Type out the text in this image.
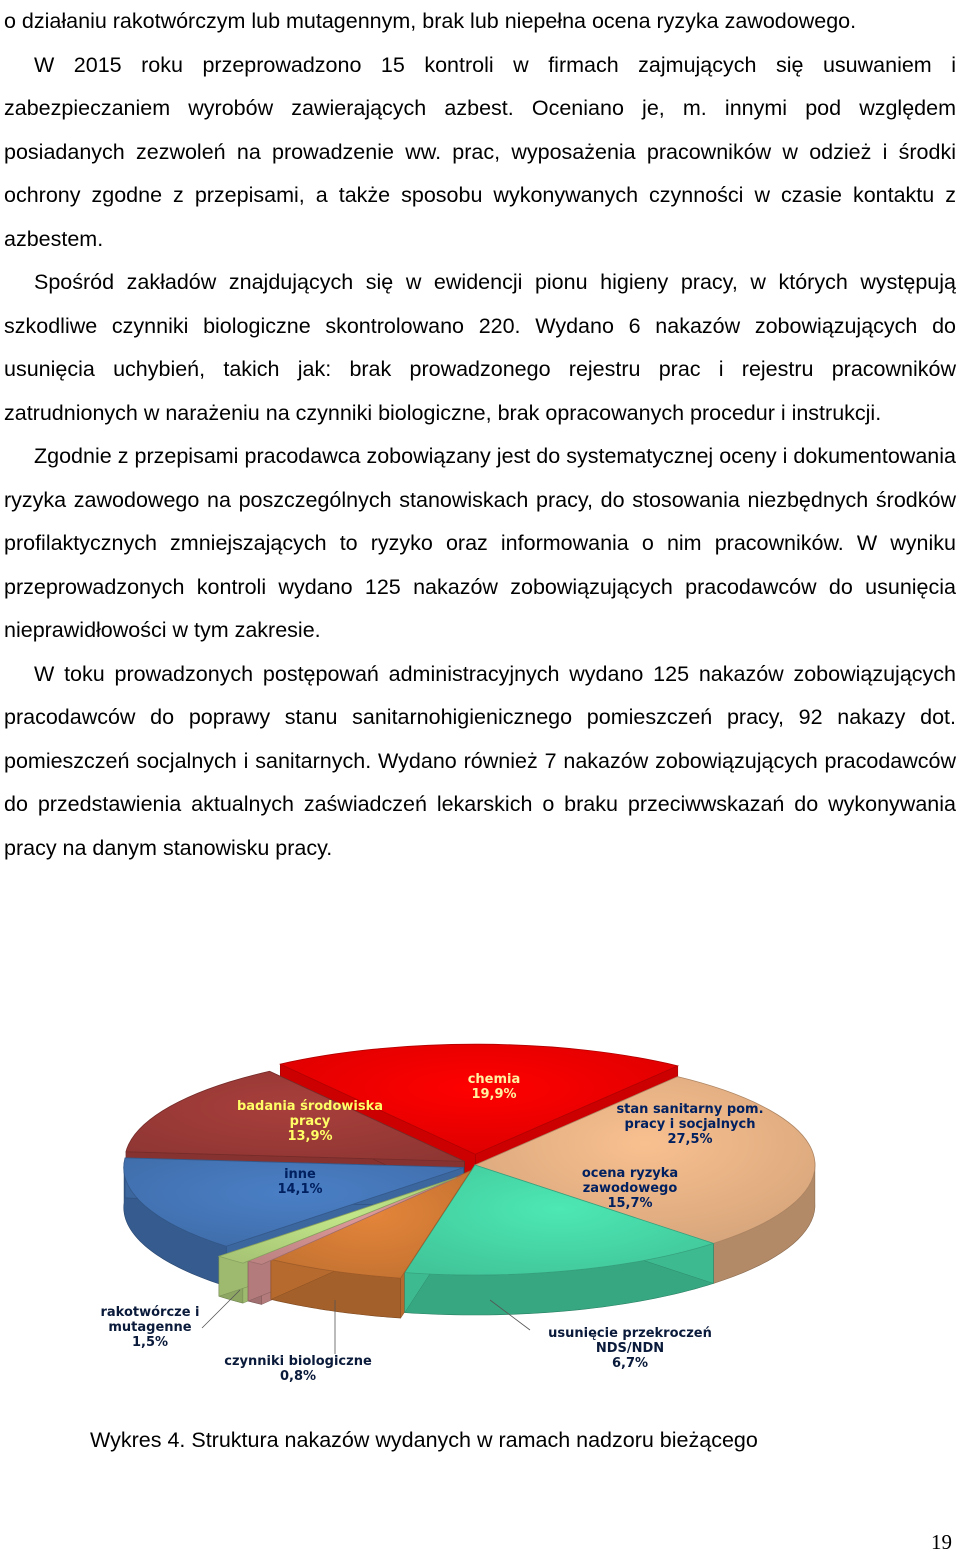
o działaniu rakotwórczym lub mutagennym, brak lub niepełna ocena ryzyka zawodowego.

W 2015 roku przeprowadzono 15 kontroli w firmach zajmujących się usuwaniem i zabezpieczaniem wyrobów zawierających azbest. Oceniano je, m. innymi pod względem posiadanych zezwoleń na prowadzenie ww. prac, wyposażenia pracowników w odzież i środki ochrony zgodne z przepisami, a także sposobu wykonywanych czynności w czasie kontaktu z azbestem.

Spośród zakładów znajdujących się w ewidencji pionu higieny pracy, w których występują szkodliwe czynniki biologiczne skontrolowano 220. Wydano 6 nakazów zobowiązujących do usunięcia uchybień, takich jak: brak prowadzonego rejestru prac i rejestru pracowników zatrudnionych w narażeniu na czynniki biologiczne, brak opracowanych procedur i instrukcji.

Zgodnie z przepisami pracodawca zobowiązany jest do systematycznej oceny i dokumentowania ryzyka zawodowego na poszczególnych stanowiskach pracy, do stosowania niezbędnych środków profilaktycznych zmniejszających to ryzyko oraz informowania o nim pracowników. W wyniku przeprowadzonych kontroli wydano 125 nakazów zobowiązujących pracodawców do usunięcia nieprawidłowości w tym zakresie.

W toku prowadzonych postępowań administracyjnych wydano 125 nakazów zobowiązujących pracodawców do poprawy stanu sanitarnohigienicznego pomieszczeń pracy, 92 nakazy dot. pomieszczeń socjalnych i sanitarnych. Wydano również 7 nakazów zobowiązujących pracodawców do przedstawienia aktualnych zaświadczeń lekarskich o braku przeciwwskazań do wykonywania pracy na danym stanowisku pracy.

chemia 19,9%
stan sanitarny pom. pracy i socjalnych 27,5%
ocena ryzyka zawodowego 15,7%
usunięcie przekroczeń NDS/NDN 6,7%
czynniki biologiczne 0,8%
rakotwórcze i mutagenne 1,5%
inne 14,1%
badania środowiska pracy 13,9%
Wykres 4. Struktura nakazów wydanych w ramach nadzoru bieżącego
19
